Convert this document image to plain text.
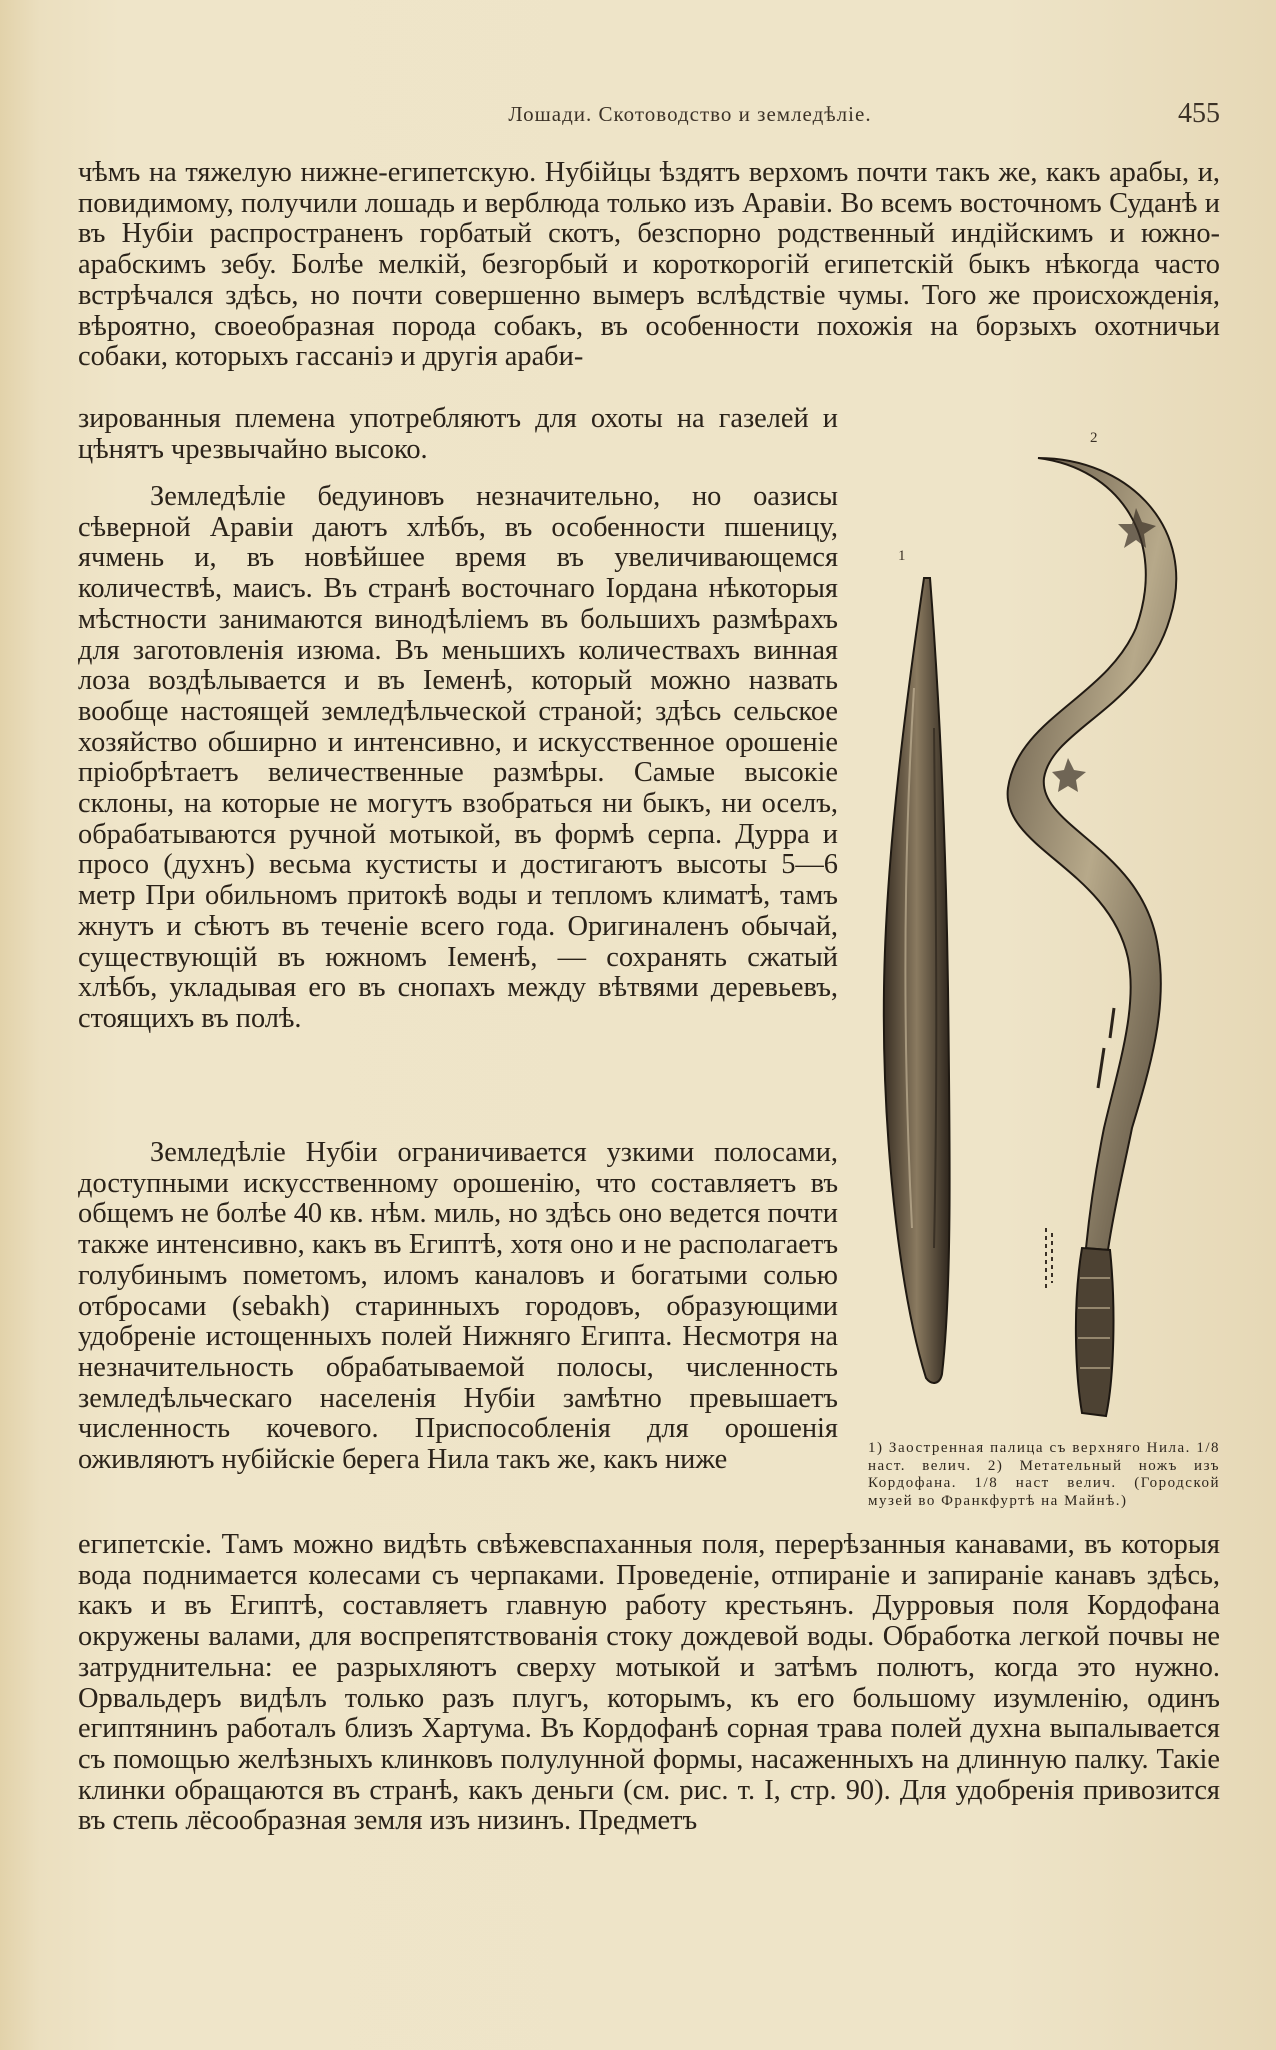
Лошади. Скотоводство и земледѣлiе.	455

чѣмъ на тяжелую нижне-египетскую. Нубiйцы ѣздятъ верхомъ почти такъ же, какъ арабы, и, повидимому, получили лошадь и верблюда только изъ Аравiи. Во всемъ восточномъ Суданѣ и въ Нубiи распространенъ горбатый скотъ, безспорно родственный индiйскимъ и южно-арабскимъ зебу. Болѣе мелкiй, безгорбый и короткорогiй египетскiй быкъ нѣкогда часто встрѣчался здѣсь, но почти совершенно вымеръ вслѣдствiе чумы. Того же происхожденiя, вѣроятно, своеобразная порода собакъ, въ особенности похожiя на борзыхъ охотничьи собаки, которыхъ гассанiэ и другiя араби-

зированныя племена употребляютъ для охоты на газелей и цѣнятъ чрезвычайно высоко.

Земледѣлiе бедуиновъ незначительно, но оазисы сѣверной Аравiи даютъ хлѣбъ, въ особенности пшеницу, ячмень и, въ новѣйшее время въ увеличивающемся количествѣ, маисъ. Въ странѣ восточнаго Iордана нѣкоторыя мѣстности занимаются винодѣлiемъ въ большихъ размѣрахъ для заготовленiя изюма. Въ меньшихъ количествахъ винная лоза воздѣлывается и въ Iеменѣ, который можно назвать вообще настоящей земледѣльческой страной; здѣсь сельское хозяйство обширно и интенсивно, и искусственное орошенiе прiобрѣтаетъ величественные размѣры. Самые высокiе склоны, на которые не могутъ взобраться ни быкъ, ни оселъ, обрабатываются ручной мотыкой, въ формѣ серпа. Дурра и просо (духнъ) весьма кустисты и достигаютъ высоты 5—6 метр При обильномъ притокѣ воды и тепломъ климатѣ, тамъ жнутъ и сѣютъ въ теченiе всего года. Оригиналенъ обычай, существующiй въ южномъ Iеменѣ, — сохранять сжатый хлѣбъ, укладывая его въ снопахъ между вѣтвями деревьевъ, стоящихъ въ полѣ.

Земледѣлiе Нубiи ограничивается узкими полосами, доступными искусственному орошенiю, что составляетъ въ общемъ не болѣе 40 кв. нѣм. миль, но здѣсь оно ведется почти также интенсивно, какъ въ Египтѣ, хотя оно и не располагаетъ голубинымъ пометомъ, иломъ каналовъ и богатыми солью отбросами (sebakh) старинныхъ городовъ, образующими удобренiе истощенныхъ полей Нижняго Египта. Несмотря на незначительность обрабатываемой полосы, численность земледѣльческаго населенiя Нубiи замѣтно превышаетъ численность кочевого. Приспособленiя для орошенiя оживляютъ нубiйскiе берега Нила такъ же, какъ ниже

египетскiе. Тамъ можно видѣть свѣжевспаханныя поля, перерѣзанныя канавами, въ которыя вода поднимается колесами съ черпаками. Проведенiе, отпиранiе и запиранiе канавъ здѣсь, какъ и въ Египтѣ, составляетъ главную работу крестьянъ. Дурровыя поля Кордофана окружены валами, для воспрепятствованiя стоку дождевой воды. Обработка легкой почвы не затруднительна: ее разрыхляютъ сверху мотыкой и затѣмъ полютъ, когда это нужно. Орвальдеръ видѣлъ только разъ плугъ, которымъ, къ его большому изумленiю, одинъ египтянинъ работалъ близъ Хартума. Въ Кордофанѣ сорная трава полей духна выпалывается съ помощью желѣзныхъ клинковъ полулунной формы, насаженныхъ на длинную палку. Такiе клинки обращаются въ странѣ, какъ деньги (см. рис. т. I, стр. 90). Для удобренiя привозится въ степь лёсообразная земля изъ низинъ. Предметъ

1
2

1) Заостренная палица съ верхняго Нила. 1/8 наст. велич. 2) Метательный ножъ изъ Кордофана. 1/8 наст велич. (Городской музей во Франкфуртѣ на Майнѣ.)
